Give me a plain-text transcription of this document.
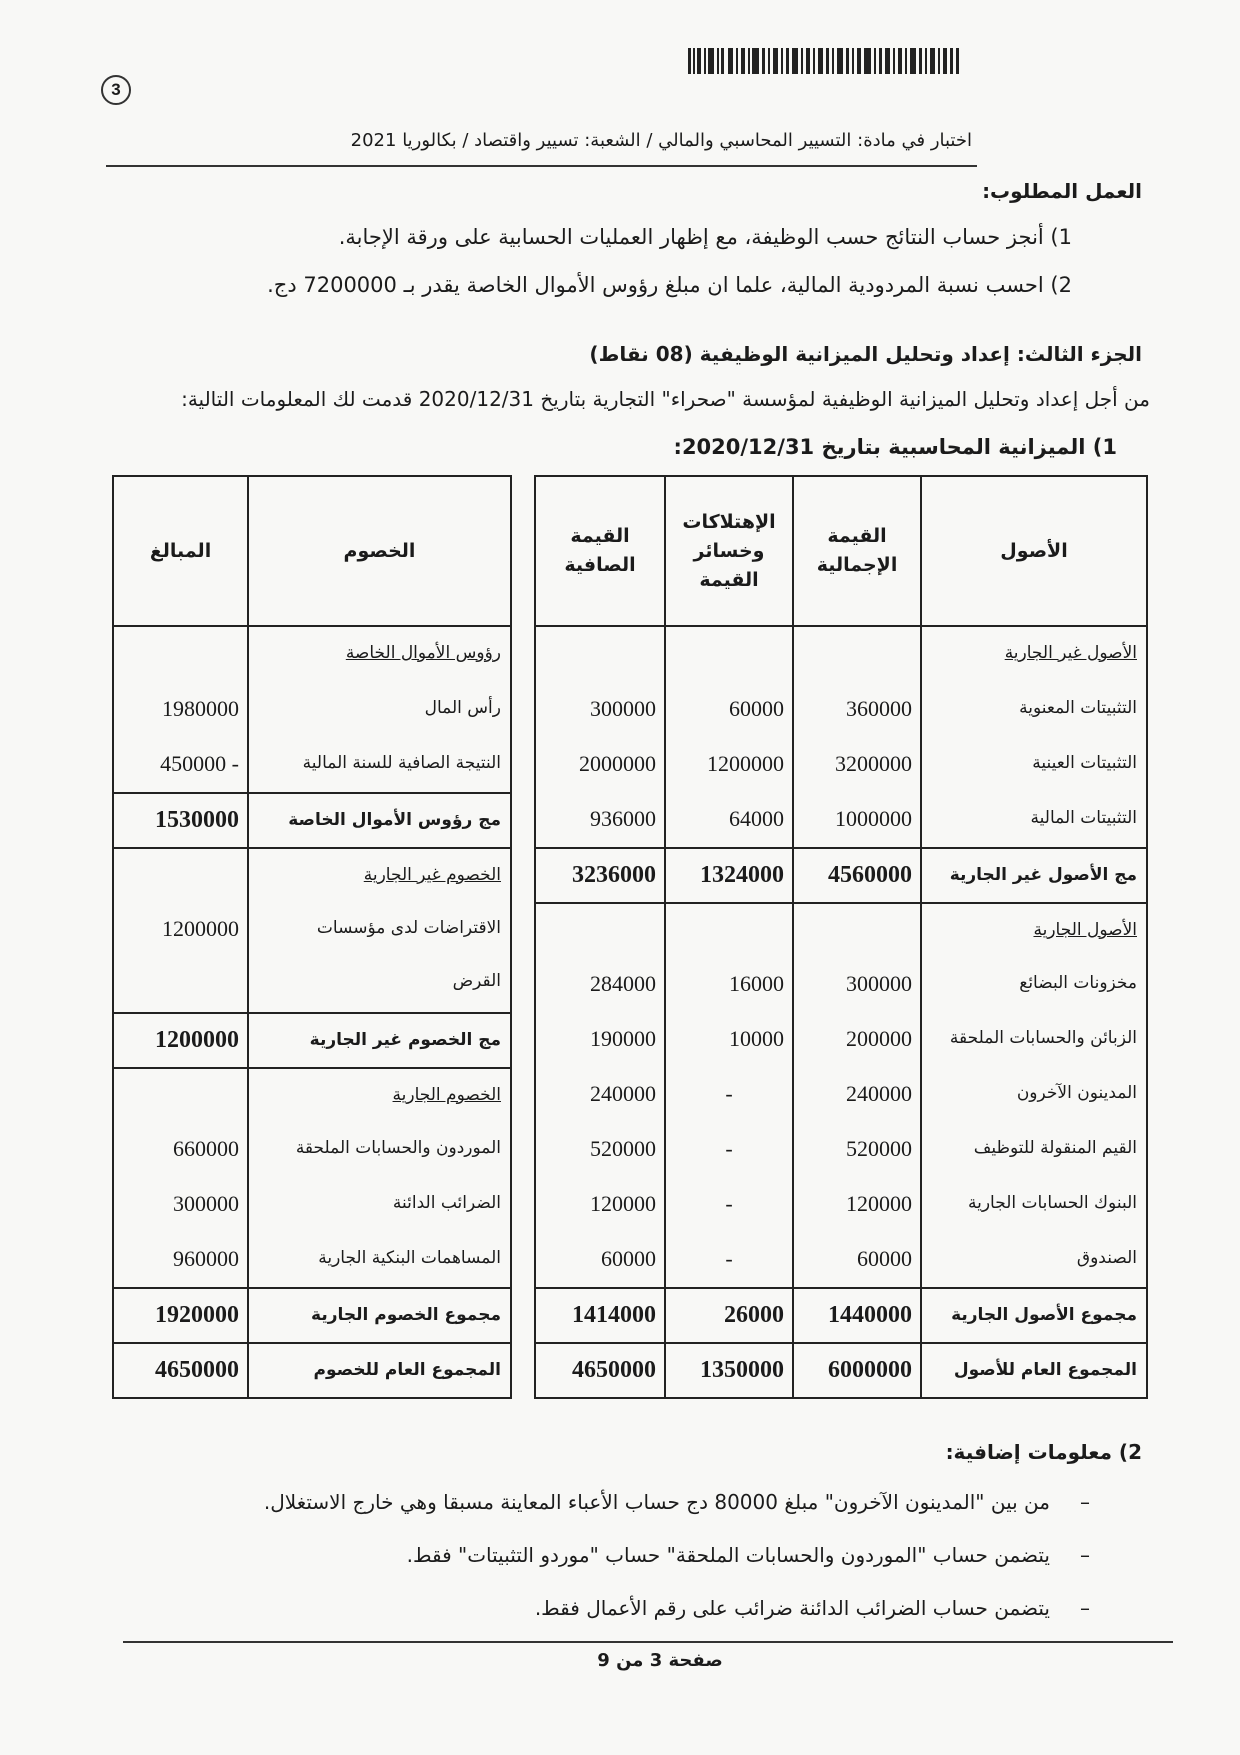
3
اختبار في مادة: التسيير المحاسبي والمالي / الشعبة: تسيير واقتصاد / بكالوريا 2021
العمل المطلوب:
1) أنجز حساب النتائج حسب الوظيفة، مع إظهار العمليات الحسابية على ورقة الإجابة.
2) احسب نسبة المردودية المالية، علما ان مبلغ رؤوس الأموال الخاصة يقدر بـ 7200000 دج.
الجزء الثالث: إعداد وتحليل الميزانية الوظيفية (08 نقاط)
من أجل إعداد وتحليل الميزانية الوظيفية لمؤسسة "صحراء" التجارية بتاريخ 2020/12/31 قدمت لك المعلومات التالية:
1) الميزانية المحاسبية بتاريخ 2020/12/31:
الأصول
القيمة
الإجمالية
الإهتلاكات
وخسائر
القيمة
القيمة
الصافية
الأصول غير الجارية
التثبيتات المعنوية
360000
60000
300000
التثبيتات العينية
3200000
1200000
2000000
التثبيتات المالية
1000000
64000
936000
مج الأصول غير الجارية
4560000
1324000
3236000
الأصول الجارية
مخزونات البضائع
300000
16000
284000
الزبائن والحسابات الملحقة
200000
10000
190000
المدينون الآخرون
240000
-
240000
القيم المنقولة للتوظيف
520000
-
520000
البنوك الحسابات الجارية
120000
-
120000
الصندوق
60000
-
60000
مجموع الأصول الجارية
1440000
26000
1414000
المجموع العام للأصول
6000000
1350000
4650000
الخصوم
المبالغ
رؤوس الأموال الخاصة
رأس المال
1980000
النتيجة الصافية للسنة المالية
450000 -
مج رؤوس الأموال الخاصة
1530000
الخصوم غير الجارية
الاقتراضات لدى مؤسسات
القرض
1200000
مج الخصوم غير الجارية
1200000
الخصوم الجارية
الموردون والحسابات الملحقة
660000
الضرائب الدائنة
300000
المساهمات البنكية الجارية
960000
مجموع الخصوم الجارية
1920000
المجموع العام للخصوم
4650000
2) معلومات إضافية:
– من بين "المدينون الآخرون" مبلغ 80000 دج حساب الأعباء المعاينة مسبقا وهي خارج الاستغلال.
– يتضمن حساب "الموردون والحسابات الملحقة" حساب "موردو التثبيتات" فقط.
– يتضمن حساب الضرائب الدائنة ضرائب على رقم الأعمال فقط.
صفحة 3 من 9
